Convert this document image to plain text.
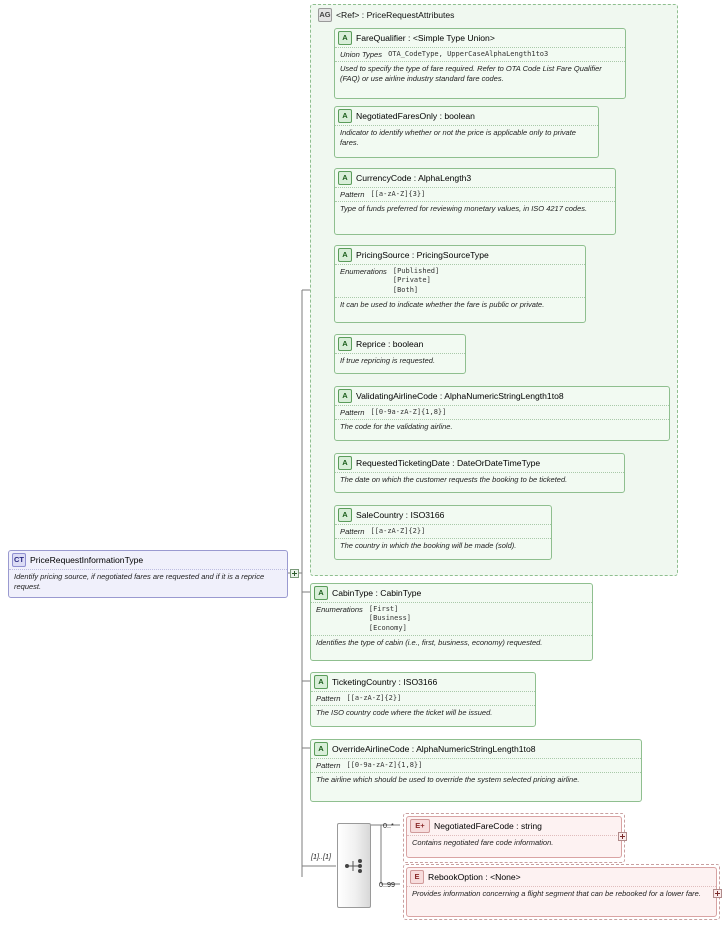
AG <Ref> : PriceRequestAttributes
A FareQualifier : <Simple Type Union>
Union Types OTA_CodeType, UpperCaseAlphaLength1to3
Used to specify the type of fare required. Refer to OTA Code List Fare Qualifier (FAQ) or use airline industry standard fare codes.
A NegotiatedFaresOnly : boolean
Indicator to identify whether or not the price is applicable only to private fares.
A CurrencyCode : AlphaLength3
Pattern [[a-zA-Z]{3}]
Type of funds preferred for reviewing monetary values, in ISO 4217 codes.
A PricingSource : PricingSourceType
Enumerations [Published]
[Private]
[Both]
It can be used to indicate whether the fare is public or private.
A Reprice : boolean
If true repricing is requested.
A ValidatingAirlineCode : AlphaNumericStringLength1to8
Pattern [[0-9a-zA-Z]{1,8}]
The code for the validating airline.
A RequestedTicketingDate : DateOrDateTimeType
The date on which the customer requests the booking to be ticketed.
A SaleCountry : ISO3166
Pattern [[a-zA-Z]{2}]
The country in which the booking will be made (sold).
CT PriceRequestInformationType
Identify pricing source, if negotiated fares are requested and if it is a reprice request.
A CabinType : CabinType
Enumerations [First]
[Business]
[Economy]
Identifies the type of cabin (i.e., first, business, economy) requested.
A TicketingCountry : ISO3166
Pattern [[a-zA-Z]{2}]
The ISO country code where the ticket will be issued.
A OverrideAirlineCode : AlphaNumericStringLength1to8
Pattern [[0-9a-zA-Z]{1,8}]
The airline which should be used to override the system selected pricing airline.
[1]..[1]
0..*	E+	NegotiatedFareCode : string
Contains negotiated fare code information.
0..99
E RebookOption : <None>
Provides information concerning a flight segment that can be rebooked for a lower fare.
